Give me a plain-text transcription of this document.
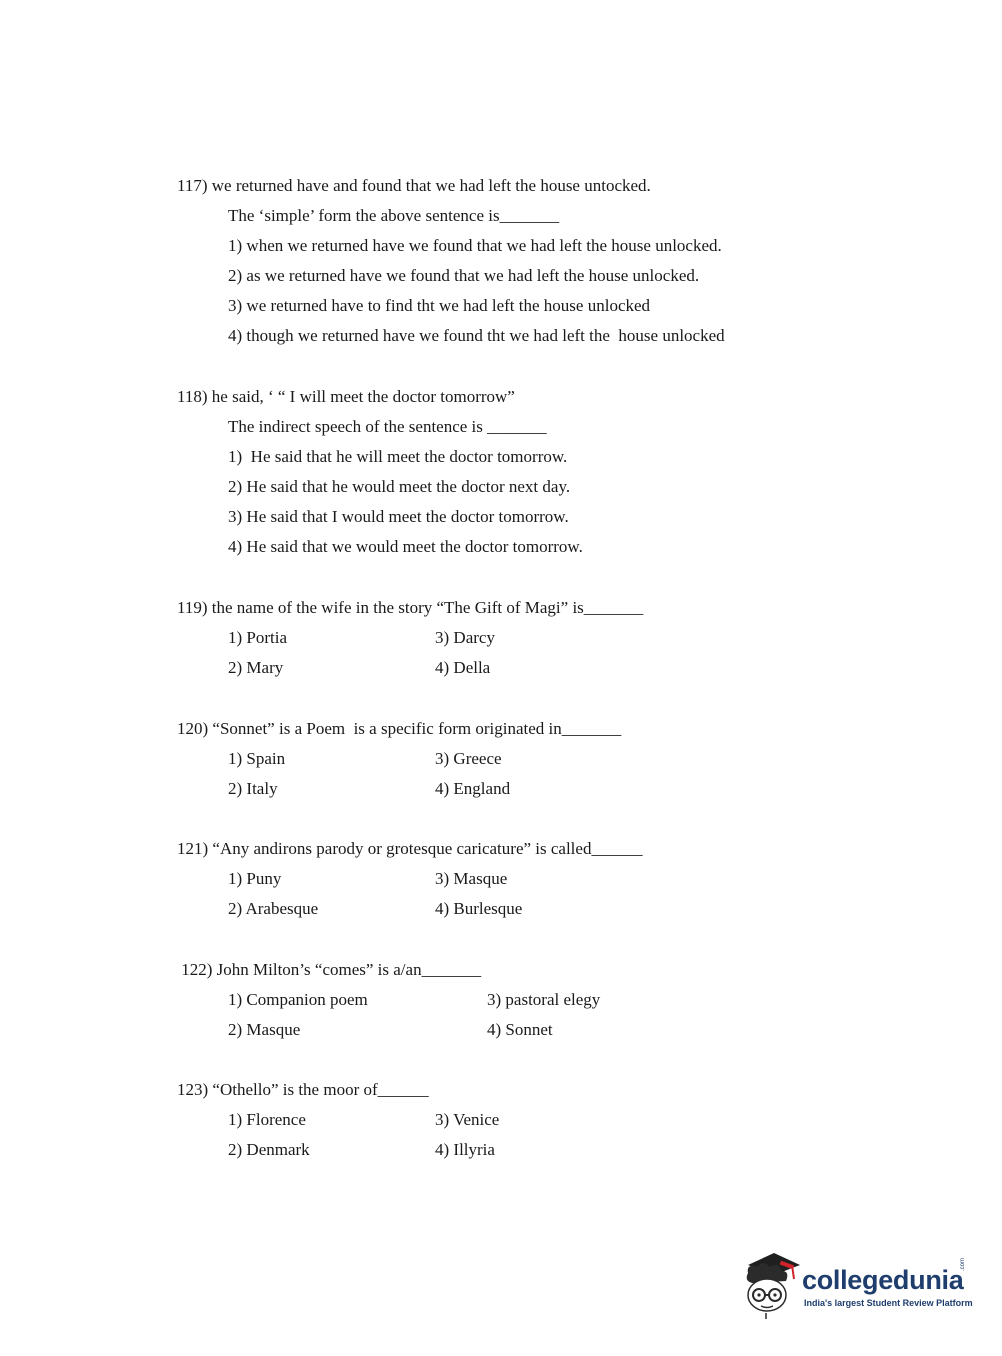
117) we returned have and found that we had left the house untocked.
The ‘simple’ form the above sentence is_______
1) when we returned have we found that we had left the house unlocked.
2) as we returned have we found that we had left the house unlocked.
3) we returned have to find tht we had left the house unlocked
4) though we returned have we found tht we had left the  house unlocked
118) he said, ‘ “ I will meet the doctor tomorrow”
The indirect speech of the sentence is _______
1)  He said that he will meet the doctor tomorrow.
2) He said that he would meet the doctor next day.
3) He said that I would meet the doctor tomorrow.
4) He said that we would meet the doctor tomorrow.
119) the name of the wife in the story “The Gift of Magi” is_______
1) Portia	3) Darcy
2) Mary	4) Della
120) “Sonnet” is a Poem  is a specific form originated in_______
1) Spain	3) Greece
2) Italy	4) England
121) “Any andirons parody or grotesque caricature” is called______
1) Puny	3) Masque
2) Arabesque	4) Burlesque
122) John Milton’s “comes” is a/an_______
1) Companion poem	3) pastoral elegy
2) Masque	4) Sonnet
123) “Othello” is the moor of______
1) Florence	3) Venice
2) Denmark	4) Illyria
collegedunia
.com
India's largest Student Review Platform
